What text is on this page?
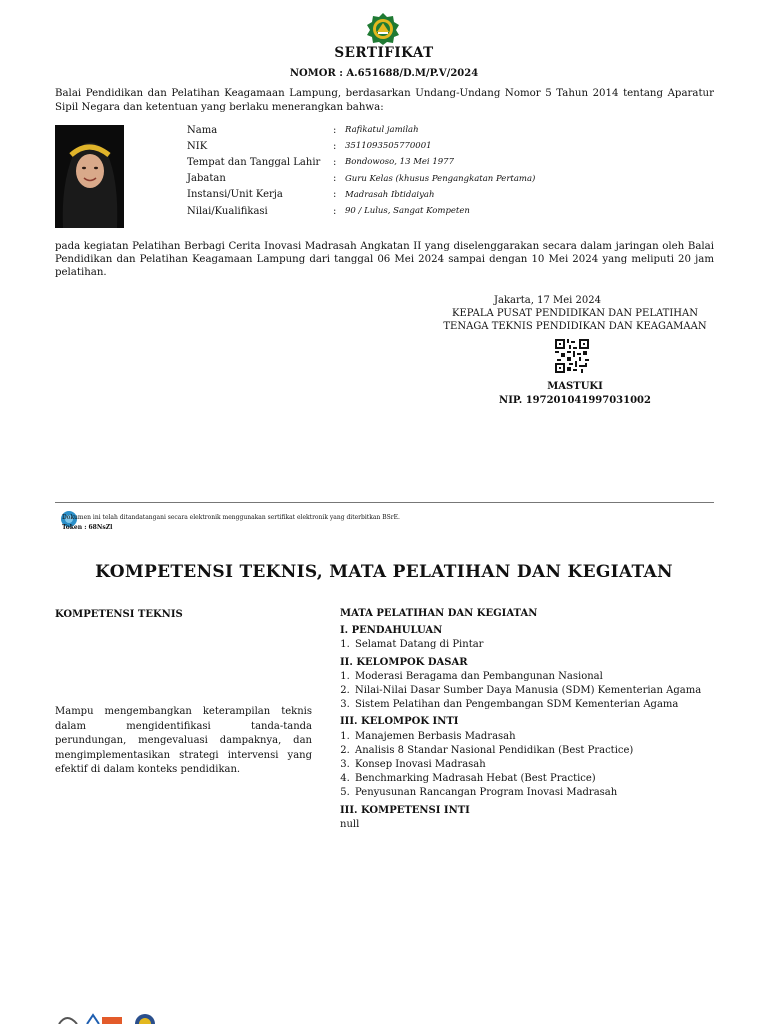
SERTIFIKAT
NOMOR : A.651688/D.M/P.V/2024
Balai Pendidikan dan Pelatihan Keagamaan Lampung, berdasarkan Undang-Undang Nomor 5 Tahun 2014 tentang Aparatur Sipil Negara dan ketentuan yang berlaku menerangkan bahwa:
Nama	:	Rafikatul jamilah
NIK	:	3511093505770001
Tempat dan Tanggal Lahir	:	Bondowoso, 13 Mei 1977
Jabatan	:	Guru Kelas (khusus Pengangkatan Pertama)
Instansi/Unit Kerja	:	Madrasah Ibtidaiyah
Nilai/Kualifikasi	:	90 / Lulus, Sangat Kompeten
pada kegiatan Pelatihan Berbagi Cerita Inovasi Madrasah Angkatan II yang diselenggarakan secara dalam jaringan oleh Balai Pendidikan dan Pelatihan Keagamaan Lampung dari tanggal 06 Mei 2024 sampai dengan 10 Mei 2024 yang meliputi 20 jam pelatihan.
Jakarta, 17 Mei 2024
KEPALA PUSAT PENDIDIKAN DAN PELATIHAN
TENAGA TEKNIS PENDIDIKAN DAN KEAGAMAAN
MASTUKI
NIP. 197201041997031002
Dokumen ini telah ditandatangani secara elektronik menggunakan sertifikat elektronik yang diterbitkan BSrE.
Token : 68NsZl
KOMPETENSI TEKNIS, MATA PELATIHAN DAN KEGIATAN
KOMPETENSI TEKNIS
Mampu mengembangkan keterampilan teknis dalam mengidentifikasi tanda-tanda perundungan, mengevaluasi dampaknya, dan mengimplementasikan strategi intervensi yang efektif di dalam konteks pendidikan.
MATA PELATIHAN DAN KEGIATAN
I. PENDAHULUAN
1. Selamat Datang di Pintar
II. KELOMPOK DASAR
1. Moderasi Beragama dan Pembangunan Nasional
2. Nilai-Nilai Dasar Sumber Daya Manusia (SDM) Kementerian Agama
3. Sistem Pelatihan dan Pengembangan SDM Kementerian Agama
III. KELOMPOK INTI
1. Manajemen Berbasis Madrasah
2. Analisis 8 Standar Nasional Pendidikan (Best Practice)
3. Konsep Inovasi Madrasah
4. Benchmarking Madrasah Hebat (Best Practice)
5. Penyusunan Rancangan Program Inovasi Madrasah
III. KOMPETENSI INTI
null
